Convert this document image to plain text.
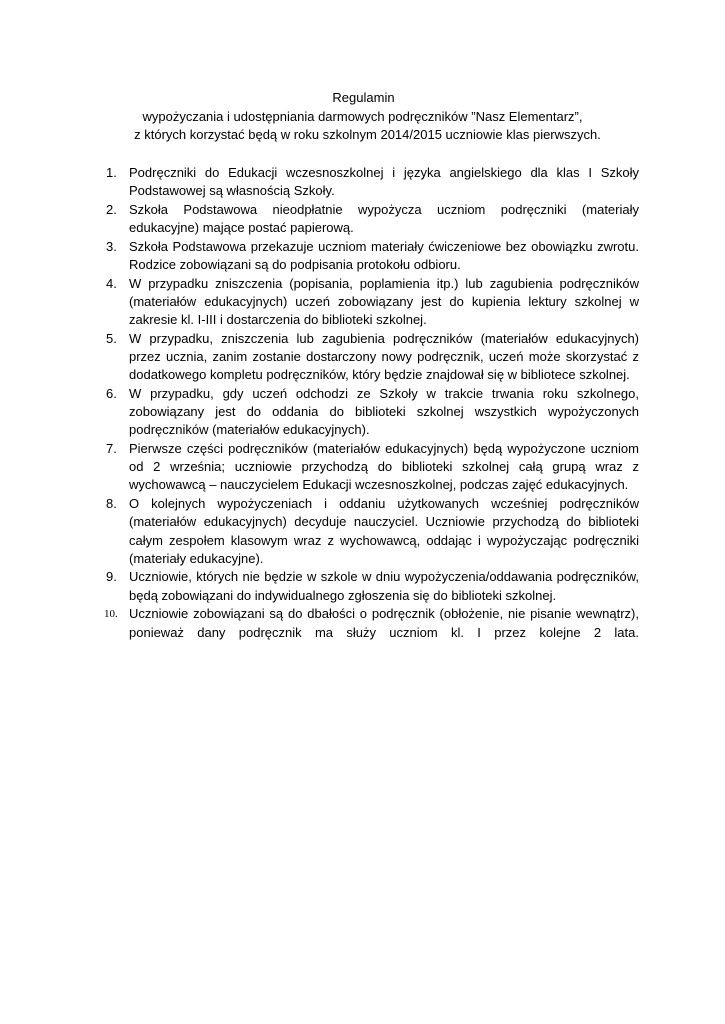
Regulamin
wypożyczania i udostępniania darmowych podręczników ”Nasz Elementarz”,
z których korzystać będą w roku szkolnym 2014/2015 uczniowie klas pierwszych.
1. Podręczniki do Edukacji wczesnoszkolnej i języka angielskiego dla klas I Szkoły Podstawowej są własnością Szkoły.
2. Szkoła Podstawowa nieodpłatnie wypożycza uczniom podręczniki (materiały edukacyjne) mające postać papierową.
3. Szkoła Podstawowa przekazuje uczniom materiały ćwiczeniowe bez obowiązku zwrotu. Rodzice zobowiązani są do podpisania protokołu odbioru.
4. W przypadku zniszczenia (popisania, poplamienia itp.) lub zagubienia podręczników (materiałów edukacyjnych) uczeń zobowiązany jest do kupienia lektury szkolnej w zakresie kl. I-III i dostarczenia do biblioteki szkolnej.
5. W przypadku, zniszczenia lub zagubienia podręczników (materiałów edukacyjnych) przez ucznia, zanim zostanie dostarczony nowy podręcznik, uczeń może skorzystać z dodatkowego kompletu podręczników, który będzie znajdował się w bibliotece szkolnej.
6. W przypadku, gdy uczeń odchodzi ze Szkoły w trakcie trwania roku szkolnego, zobowiązany jest do oddania do biblioteki szkolnej wszystkich wypożyczonych podręczników (materiałów edukacyjnych).
7. Pierwsze części podręczników (materiałów edukacyjnych) będą wypożyczone uczniom od 2 września; uczniowie przychodzą do biblioteki szkolnej całą grupą wraz z wychowawcą – nauczycielem Edukacji wczesnoszkolnej, podczas zajęć edukacyjnych.
8. O kolejnych wypożyczeniach i oddaniu użytkowanych wcześniej podręczników (materiałów edukacyjnych) decyduje nauczyciel. Uczniowie przychodzą do biblioteki całym zespołem klasowym wraz z wychowawcą, oddając i wypożyczając podręczniki (materiały edukacyjne).
9. Uczniowie, których nie będzie w szkole w dniu wypożyczenia/oddawania podręczników, będą zobowiązani do indywidualnego zgłoszenia się do biblioteki szkolnej.
10. Uczniowie zobowiązani są do dbałości o podręcznik (obłożenie, nie pisanie wewnątrz), ponieważ dany podręcznik ma służy uczniom kl. I przez kolejne 2 lata.
